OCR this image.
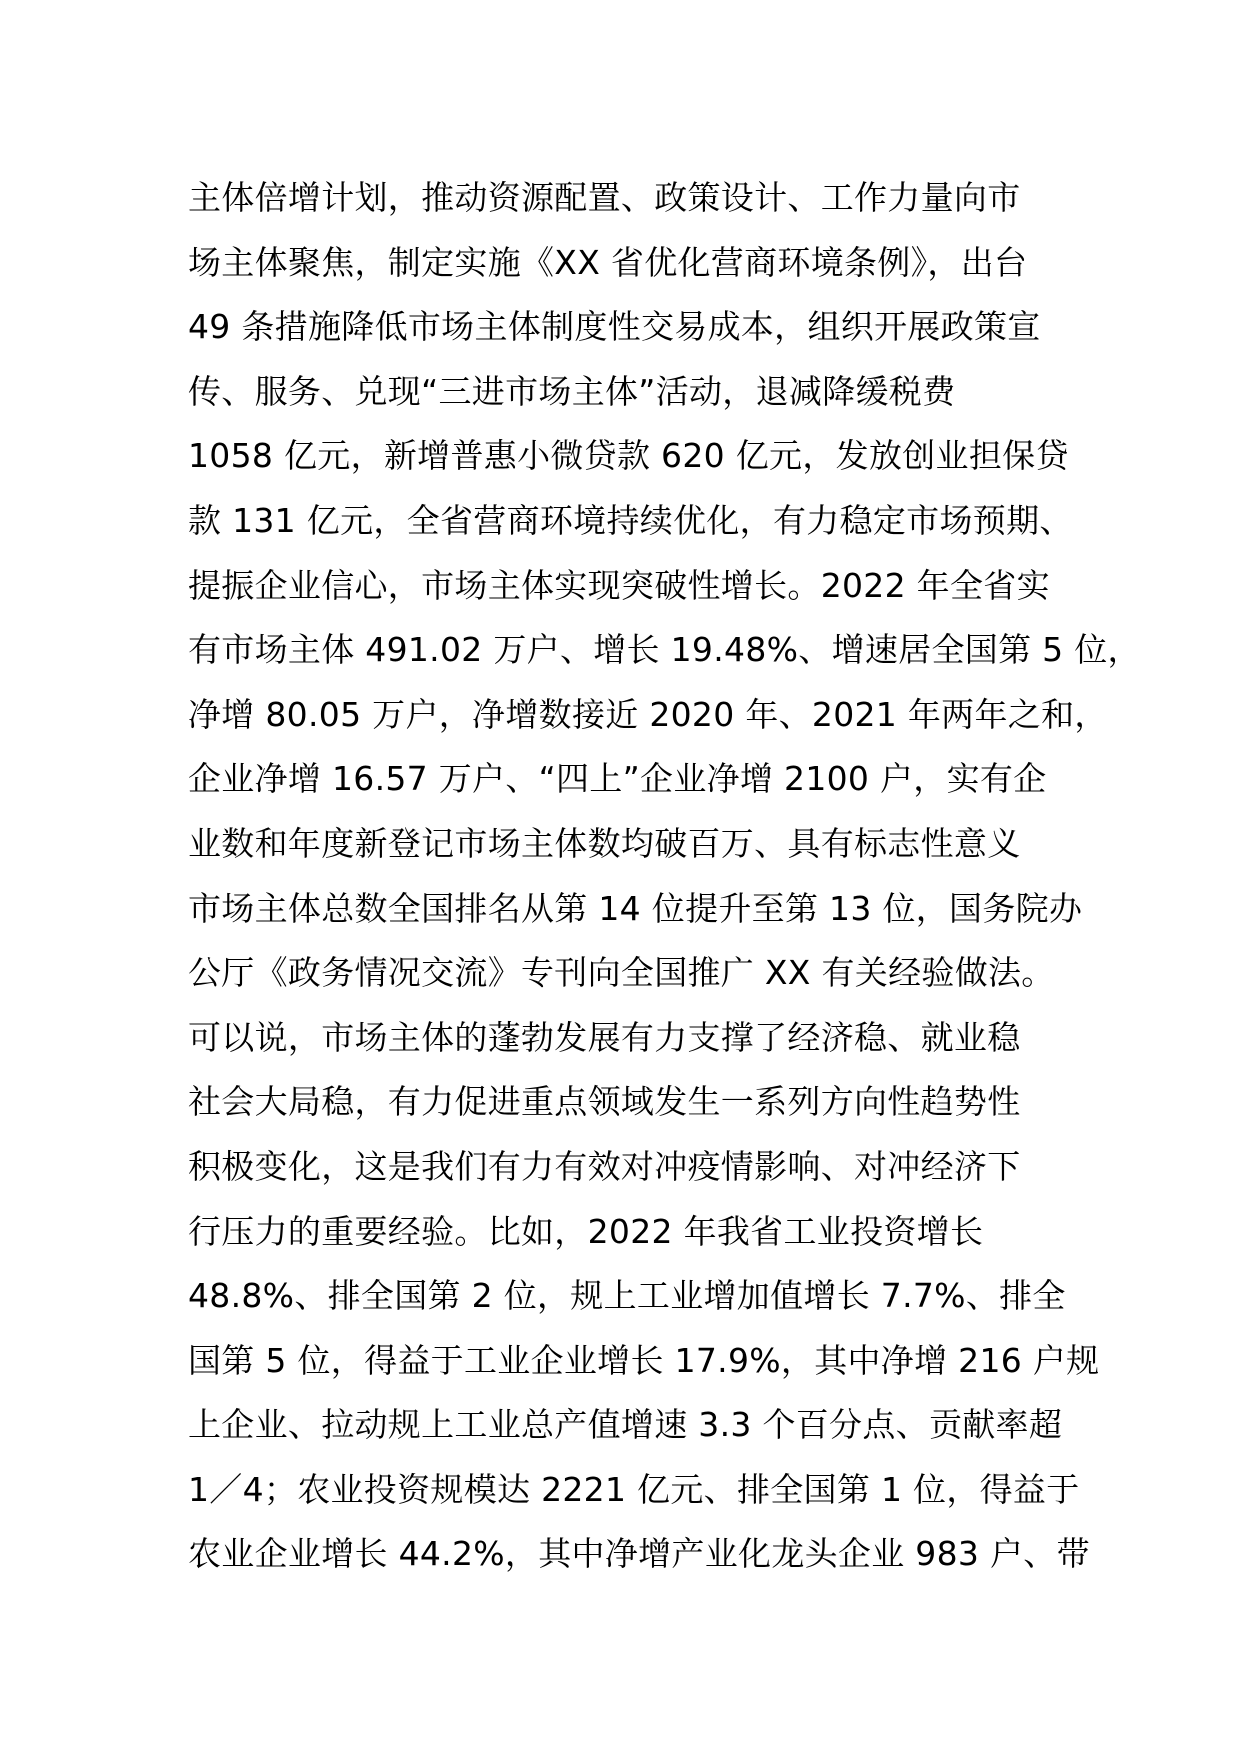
主体倍增计划，推动资源配置、政策设计、工作力量向市
场主体聚焦，制定实施《XX 省优化营商环境条例》，出台
49 条措施降低市场主体制度性交易成本，组织开展政策宣
传、服务、兑现“三进市场主体”活动，退减降缓税费
1058 亿元，新增普惠小微贷款 620 亿元，发放创业担保贷
款 131 亿元，全省营商环境持续优化，有力稳定市场预期、
提振企业信心，市场主体实现突破性增长。2022 年全省实
有市场主体 491.02 万户、增长 19.48%、增速居全国第 5 位，
净增 80.05 万户，净增数接近 2020 年、2021 年两年之和，
企业净增 16.57 万户、“四上”企业净增 2100 户，实有企
业数和年度新登记市场主体数均破百万、具有标志性意义
市场主体总数全国排名从第 14 位提升至第 13 位，国务院办
公厅《政务情况交流》专刊向全国推广 XX 有关经验做法。
可以说，市场主体的蓬勃发展有力支撑了经济稳、就业稳
社会大局稳，有力促进重点领域发生一系列方向性趋势性
积极变化，这是我们有力有效对冲疫情影响、对冲经济下
行压力的重要经验。比如，2022 年我省工业投资增长
48.8%、排全国第 2 位，规上工业增加值增长 7.7%、排全
国第 5 位，得益于工业企业增长 17.9%，其中净增 216 户规
上企业、拉动规上工业总产值增速 3.3 个百分点、贡献率超
1／4；农业投资规模达 2221 亿元、排全国第 1 位，得益于
农业企业增长 44.2%，其中净增产业化龙头企业 983 户、带
